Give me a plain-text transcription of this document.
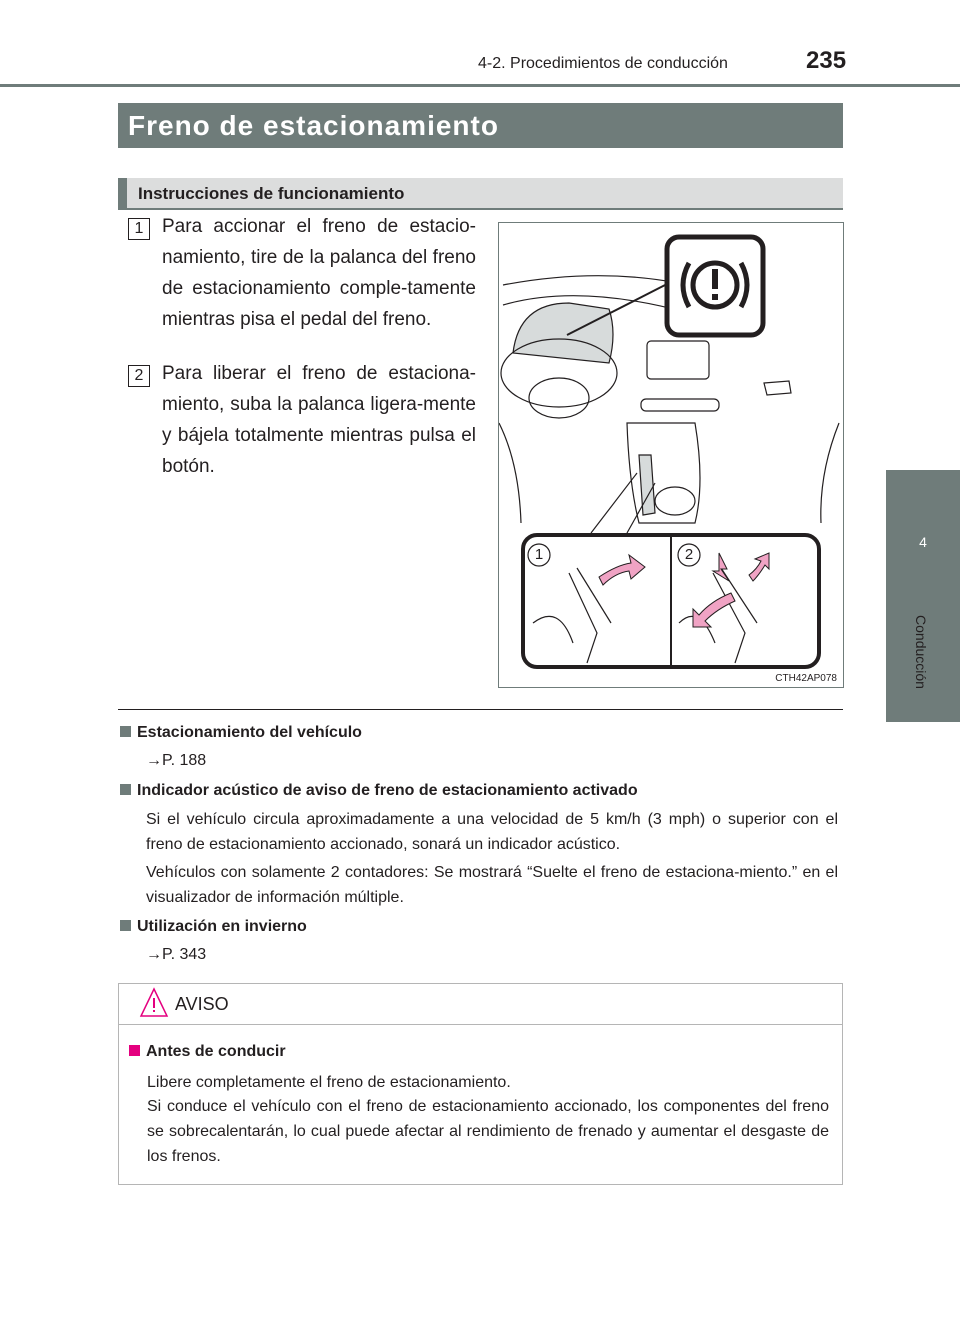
4-2. Procedimientos de conducción	235
4
Conducción
Freno de estacionamiento
Instrucciones de funcionamiento
1 Para accionar el freno de estacio-namiento, tire de la palanca del freno de estacionamiento comple-tamente mientras pisa el pedal del freno.
2 Para liberar el freno de estaciona-miento, suba la palanca ligera-mente y bájela totalmente mientras pulsa el botón.
1	2
CTH42AP078
Estacionamiento del vehículo
→P. 188
Indicador acústico de aviso de freno de estacionamiento activado
Si el vehículo circula aproximadamente a una velocidad de 5 km/h (3 mph) o superior con el freno de estacionamiento accionado, sonará un indicador acústico.
Vehículos con solamente 2 contadores: Se mostrará “Suelte el freno de estaciona-miento.” en el visualizador de información múltiple.
Utilización en invierno
→P. 343
AVISO
Antes de conducir
Libere completamente el freno de estacionamiento.
Si conduce el vehículo con el freno de estacionamiento accionado, los componentes del freno se sobrecalentarán, lo cual puede afectar al rendimiento de frenado y aumentar el desgaste de los frenos.
